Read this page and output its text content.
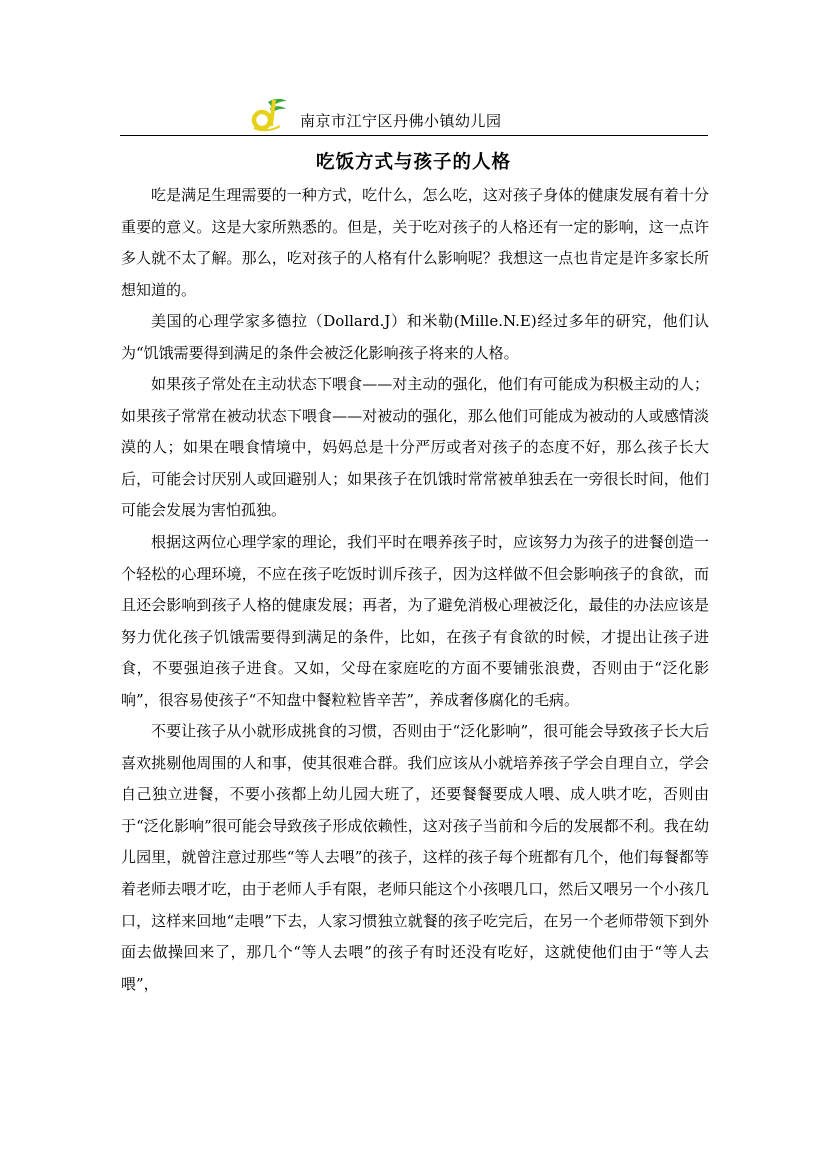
南京市江宁区丹佛小镇幼儿园
吃饭方式与孩子的人格

吃是满足生理需要的一种方式，吃什么，怎么吃，这对孩子身体的健康发展有着十分重要的意义。这是大家所熟悉的。但是，关于吃对孩子的人格还有一定的影响，这一点许多人就不太了解。那么，吃对孩子的人格有什么影响呢？我想这一点也肯定是许多家长所想知道的。

美国的心理学家多德拉（Dollard.J）和米勒(Mille.N.E)经过多年的研究，他们认为“饥饿需要得到满足的条件会被泛化影响孩子将来的人格。

如果孩子常处在主动状态下喂食——对主动的强化，他们有可能成为积极主动的人；如果孩子常常在被动状态下喂食——对被动的强化，那么他们可能成为被动的人或感情淡漠的人；如果在喂食情境中，妈妈总是十分严厉或者对孩子的态度不好，那么孩子长大后，可能会讨厌别人或回避别人；如果孩子在饥饿时常常被单独丢在一旁很长时间，他们可能会发展为害怕孤独。

根据这两位心理学家的理论，我们平时在喂养孩子时，应该努力为孩子的进餐创造一个轻松的心理环境，不应在孩子吃饭时训斥孩子，因为这样做不但会影响孩子的食欲，而且还会影响到孩子人格的健康发展；再者，为了避免消极心理被泛化，最佳的办法应该是努力优化孩子饥饿需要得到满足的条件，比如，在孩子有食欲的时候，才提出让孩子进食，不要强迫孩子进食。又如，父母在家庭吃的方面不要铺张浪费，否则由于“泛化影响”，很容易使孩子“不知盘中餐粒粒皆辛苦”，养成奢侈腐化的毛病。

不要让孩子从小就形成挑食的习惯，否则由于“泛化影响”，很可能会导致孩子长大后喜欢挑剔他周围的人和事，使其很难合群。我们应该从小就培养孩子学会自理自立，学会自己独立进餐，不要小孩都上幼儿园大班了，还要餐餐要成人喂、成人哄才吃，否则由于“泛化影响”很可能会导致孩子形成依赖性，这对孩子当前和今后的发展都不利。我在幼儿园里，就曾注意过那些“等人去喂”的孩子，这样的孩子每个班都有几个，他们每餐都等着老师去喂才吃，由于老师人手有限，老师只能这个小孩喂几口，然后又喂另一个小孩几口，这样来回地“走喂”下去，人家习惯独立就餐的孩子吃完后，在另一个老师带领下到外面去做操回来了，那几个“等人去喂”的孩子有时还没有吃好，这就使他们由于“等人去喂”，
